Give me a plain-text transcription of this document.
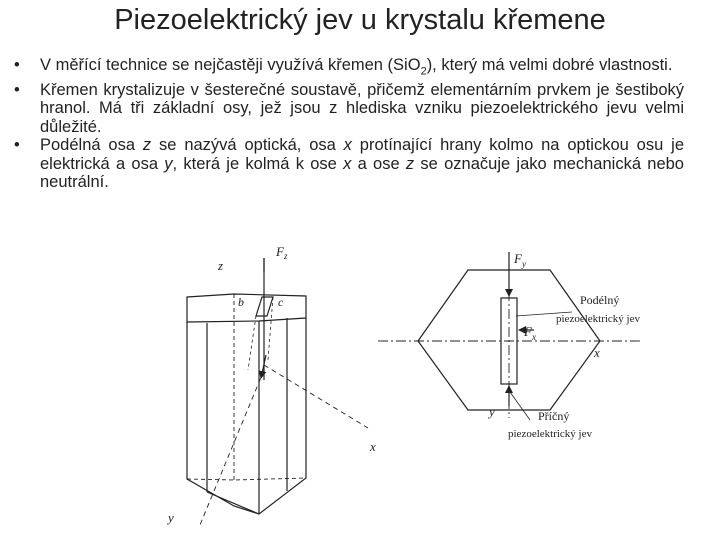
Piezoelektrický jev u krystalu křemene
• V měřící technice se nejčastěji využívá křemen (SiO$_2$), který má velmi dobré vlastnosti.
• Křemen krystalizuje v šesterečné soustavě, přičemž elementárním prvkem je šestiboký hranol. Má tři základní osy, jež jsou z hlediska vzniku piezoelektrického jevu velmi důležité.
• Podélná osa z se nazývá optická, osa x protínající hrany kolmo na optickou osu je elektrická a osa y, která je kolmá k ose x a ose z se označuje jako mechanická nebo neutrální.
z
$F_z$
b	c
x
y
$F_y$
$F_x$
x
y
Podélný
piezoelektrický jev
Příčný
piezoelektrický jev
